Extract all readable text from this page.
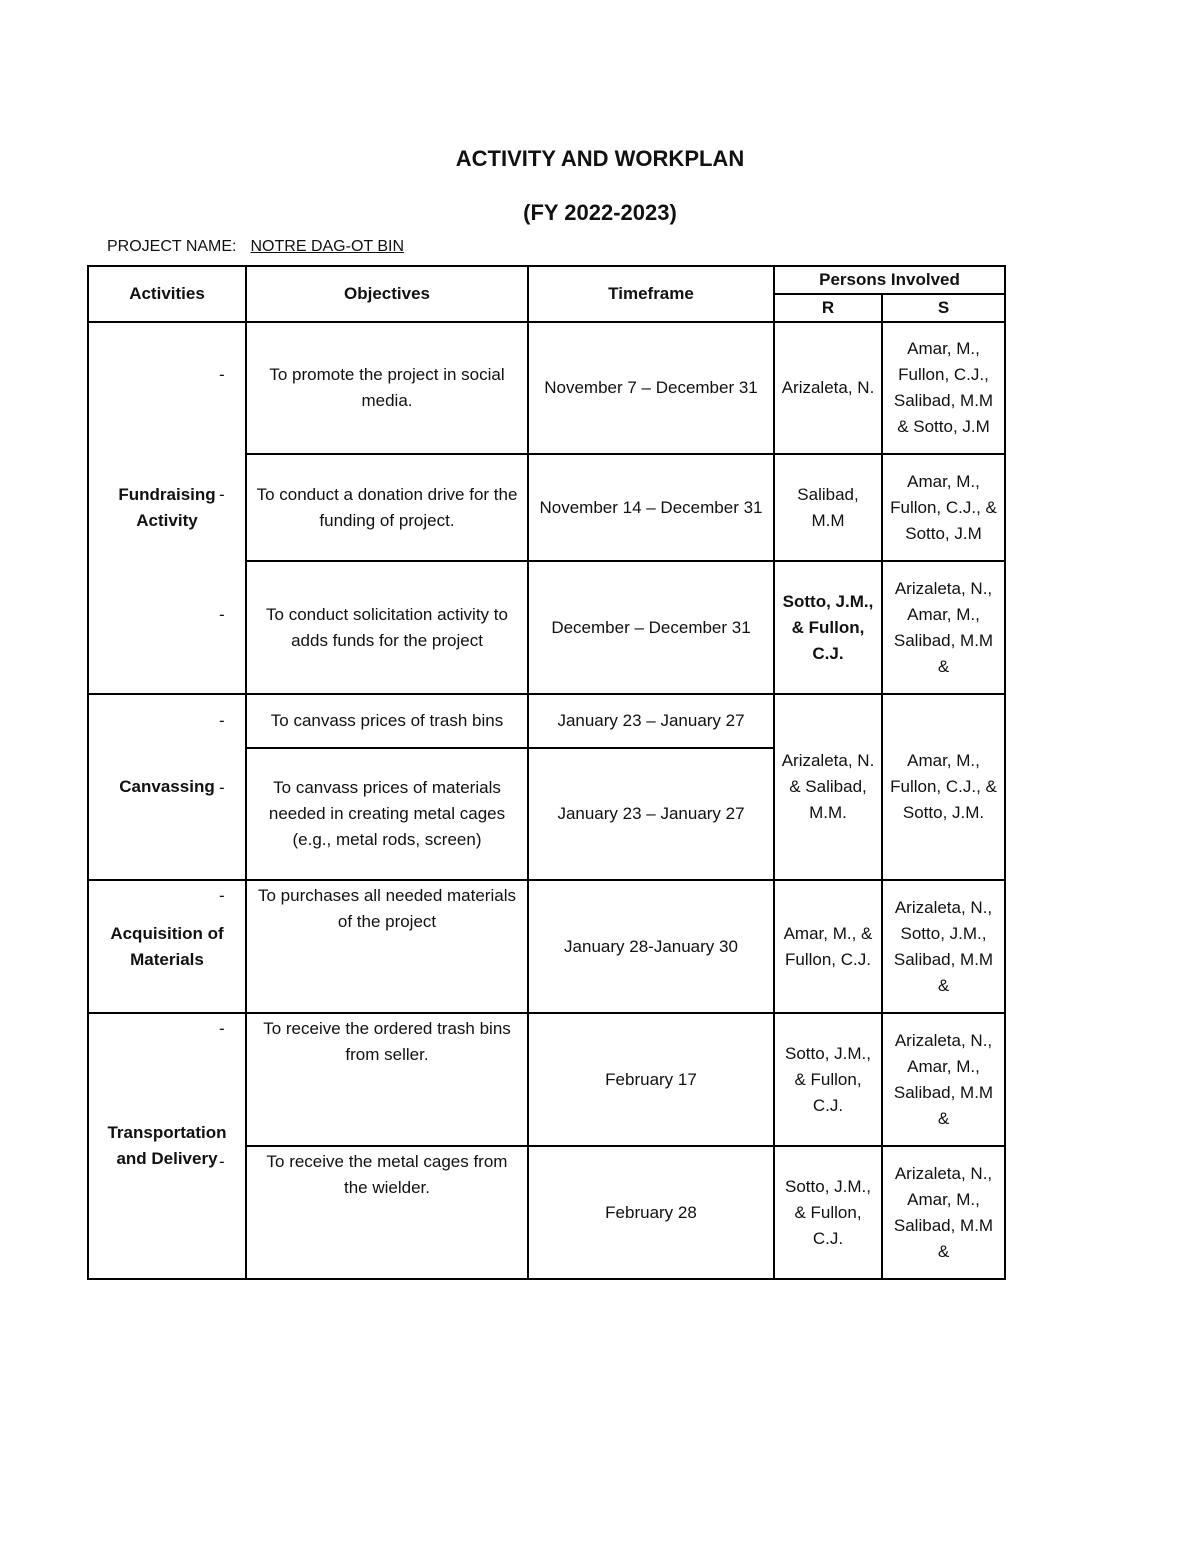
ACTIVITY AND WORKPLAN
(FY 2022-2023)
PROJECT NAME: NOTRE DAG-OT BIN
Activities	Objectives	Timeframe	Persons Involved	
			R	S
Fundraising Activity	- To promote the project in social media.	November 7 – December 31	Arizaleta, N.	Amar, M., Fullon, C.J., Salibad, M.M & Sotto, J.M

	- To conduct a donation drive for the funding of project.	November 14 – December 31	Salibad, M.M	Amar, M., Fullon, C.J., & Sotto, J.M

	- To conduct solicitation activity to adds funds for the project	December – December 31	Sotto, J.M., & Fullon, C.J.	Arizaleta, N., Amar, M., Salibad, M.M &
Canvassing	- To canvass prices of trash bins	January 23 – January 27	Arizaleta, N. & Salibad, M.M.	Amar, M., Fullon, C.J., & Sotto, J.M.

	- To canvass prices of materials needed in creating metal cages (e.g., metal rods, screen)	January 23 – January 27		
Acquisition of Materials	- To purchases all needed materials of the project	January 28-January 30	Amar, M., & Fullon, C.J.	Arizaleta, N., Sotto, J.M., Salibad, M.M &
Transportation and Delivery	- To receive the ordered trash bins from seller.	February 17	Sotto, J.M., & Fullon, C.J.	Arizaleta, N., Amar, M., Salibad, M.M &

	- To receive the metal cages from the wielder.	February 28	Sotto, J.M., & Fullon, C.J.	Arizaleta, N., Amar, M., Salibad, M.M &
